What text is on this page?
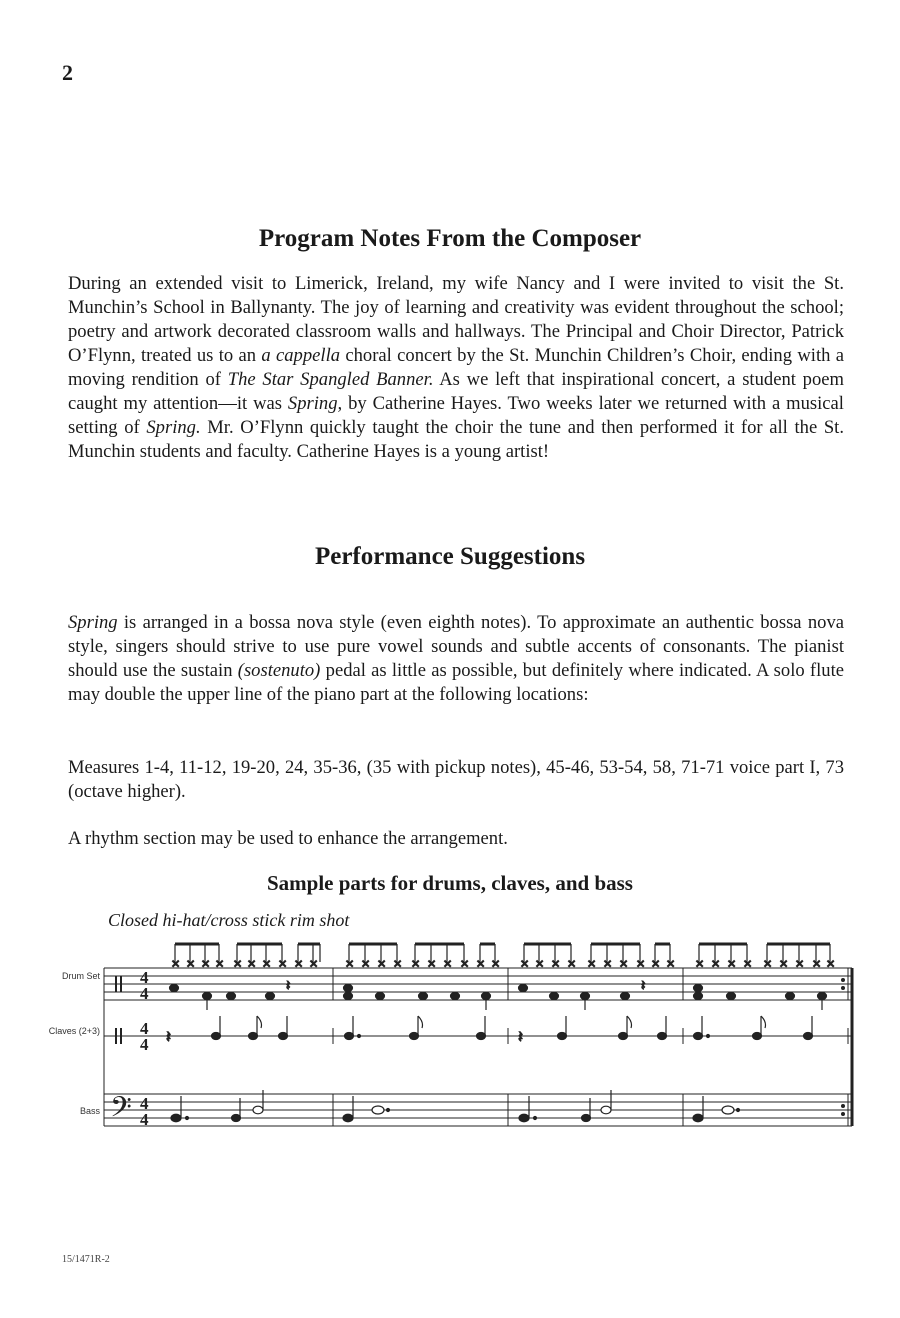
2
Program Notes From the Composer

During an extended visit to Limerick, Ireland, my wife Nancy and I were invited to visit the St. Munchin’s School in Ballynanty. The joy of learning and creativity was evident throughout the school; poetry and artwork decorated classroom walls and hallways. The Principal and Choir Director, Patrick O’Flynn, treated us to an a cappella choral concert by the St. Munchin Children’s Choir, ending with a moving rendition of The Star Spangled Banner. As we left that inspirational concert, a student poem caught my attention—it was Spring, by Catherine Hayes. Two weeks later we returned with a musical setting of Spring. Mr. O’Flynn quickly taught the choir the tune and then performed it for all the St. Munchin students and faculty. Catherine Hayes is a young artist!

Performance Suggestions

Spring is arranged in a bossa nova style (even eighth notes). To approximate an authentic bossa nova style, singers should strive to use pure vowel sounds and subtle accents of consonants. The pianist should use the sustain (sostenuto) pedal as little as possible, but definitely where indicated. A solo flute may double the upper line of the piano part at the following locations:

Measures 1-4, 11-12, 19-20, 24, 35-36, (35 with pickup notes), 45-46, 53-54, 58, 71-71 voice part I, 73 (octave higher).

A rhythm section may be used to enhance the arrangement.

Sample parts for drums, claves, and bass
Closed hi-hat/cross stick rim shot
Drum Set
Claves (2+3)
Bass 𝄢
4
4
4
4
4
4
× × × × × × × × × ×
𝄽
× × × × × × × × × × × × × × × × × × × ×
𝄽
× × × × × × × × ×
𝄽	𝄽
15/1471R-2
